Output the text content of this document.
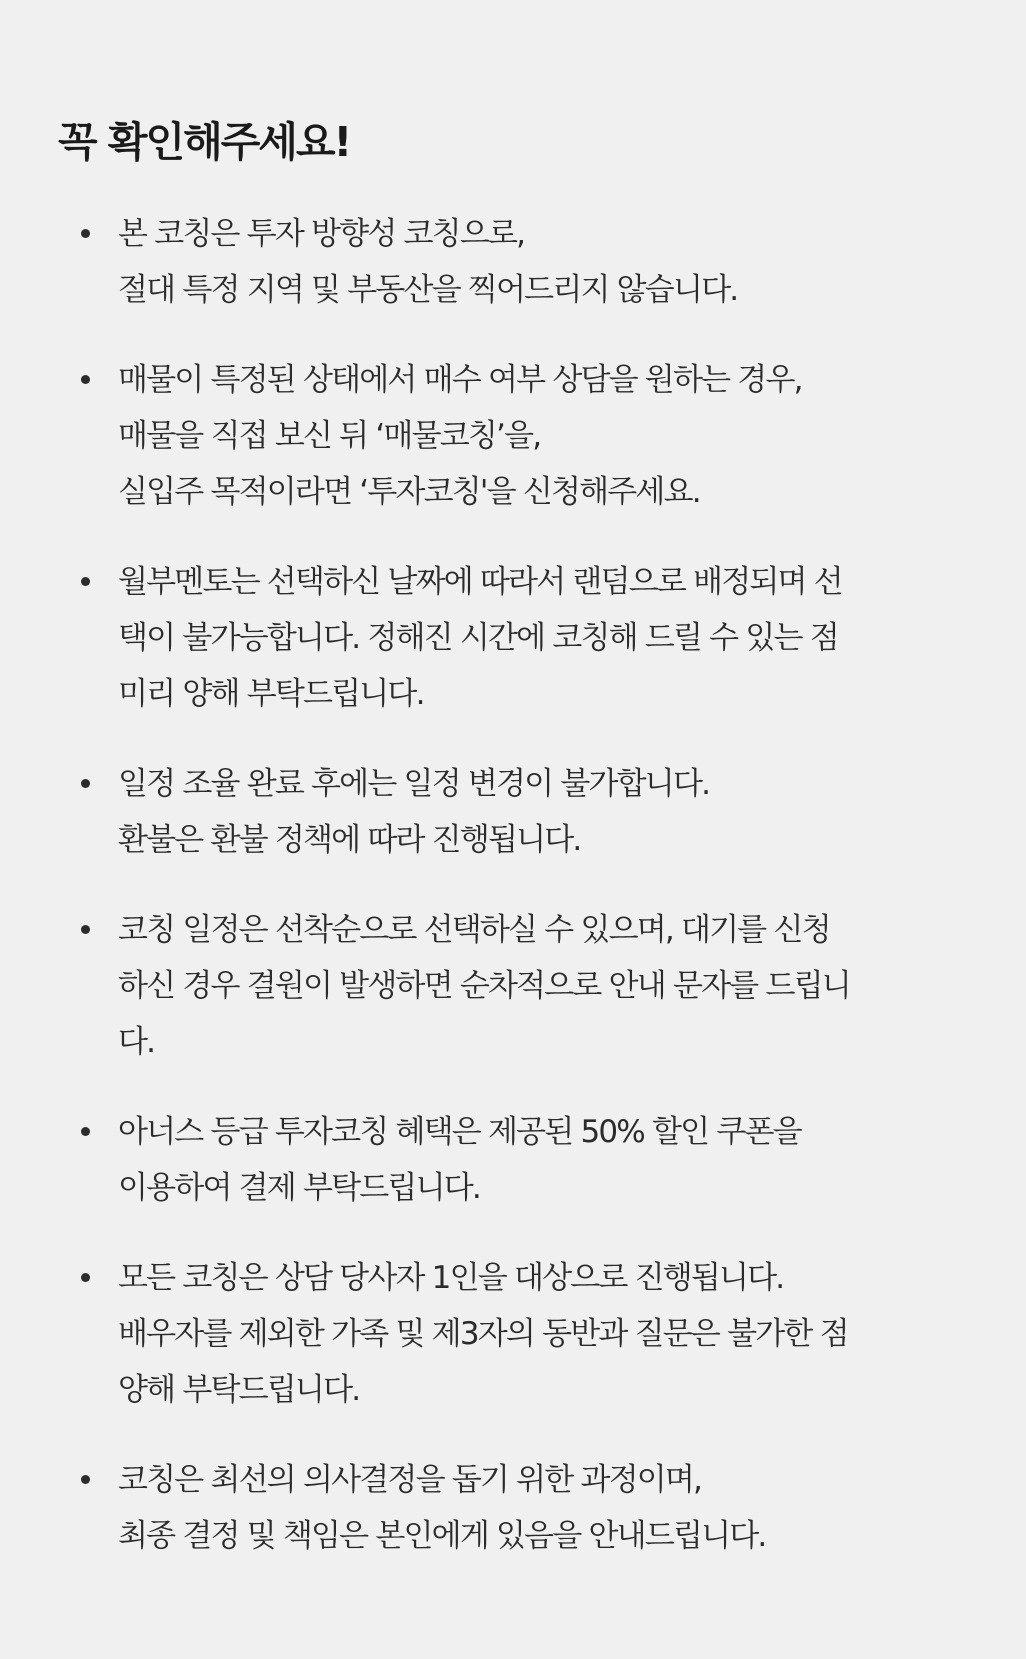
꼭 확인해주세요!
본 코칭은 투자 방향성 코칭으로,
절대 특정 지역 및 부동산을 찍어드리지 않습니다.
매물이 특정된 상태에서 매수 여부 상담을 원하는 경우,
매물을 직접 보신 뒤 ‘매물코칭’을,
실입주 목적이라면 ‘투자코칭'을 신청해주세요.
월부멘토는 선택하신 날짜에 따라서 랜덤으로 배정되며 선
택이 불가능합니다. 정해진 시간에 코칭해 드릴 수 있는 점
미리 양해 부탁드립니다.
일정 조율 완료 후에는 일정 변경이 불가합니다.
환불은 환불 정책에 따라 진행됩니다.
코칭 일정은 선착순으로 선택하실 수 있으며, 대기를 신청
하신 경우 결원이 발생하면 순차적으로 안내 문자를 드립니
다.
아너스 등급 투자코칭 혜택은 제공된 50% 할인 쿠폰을
이용하여 결제 부탁드립니다.
모든 코칭은 상담 당사자 1인을 대상으로 진행됩니다.
배우자를 제외한 가족 및 제3자의 동반과 질문은 불가한 점
양해 부탁드립니다.
코칭은 최선의 의사결정을 돕기 위한 과정이며,
최종 결정 및 책임은 본인에게 있음을 안내드립니다.
